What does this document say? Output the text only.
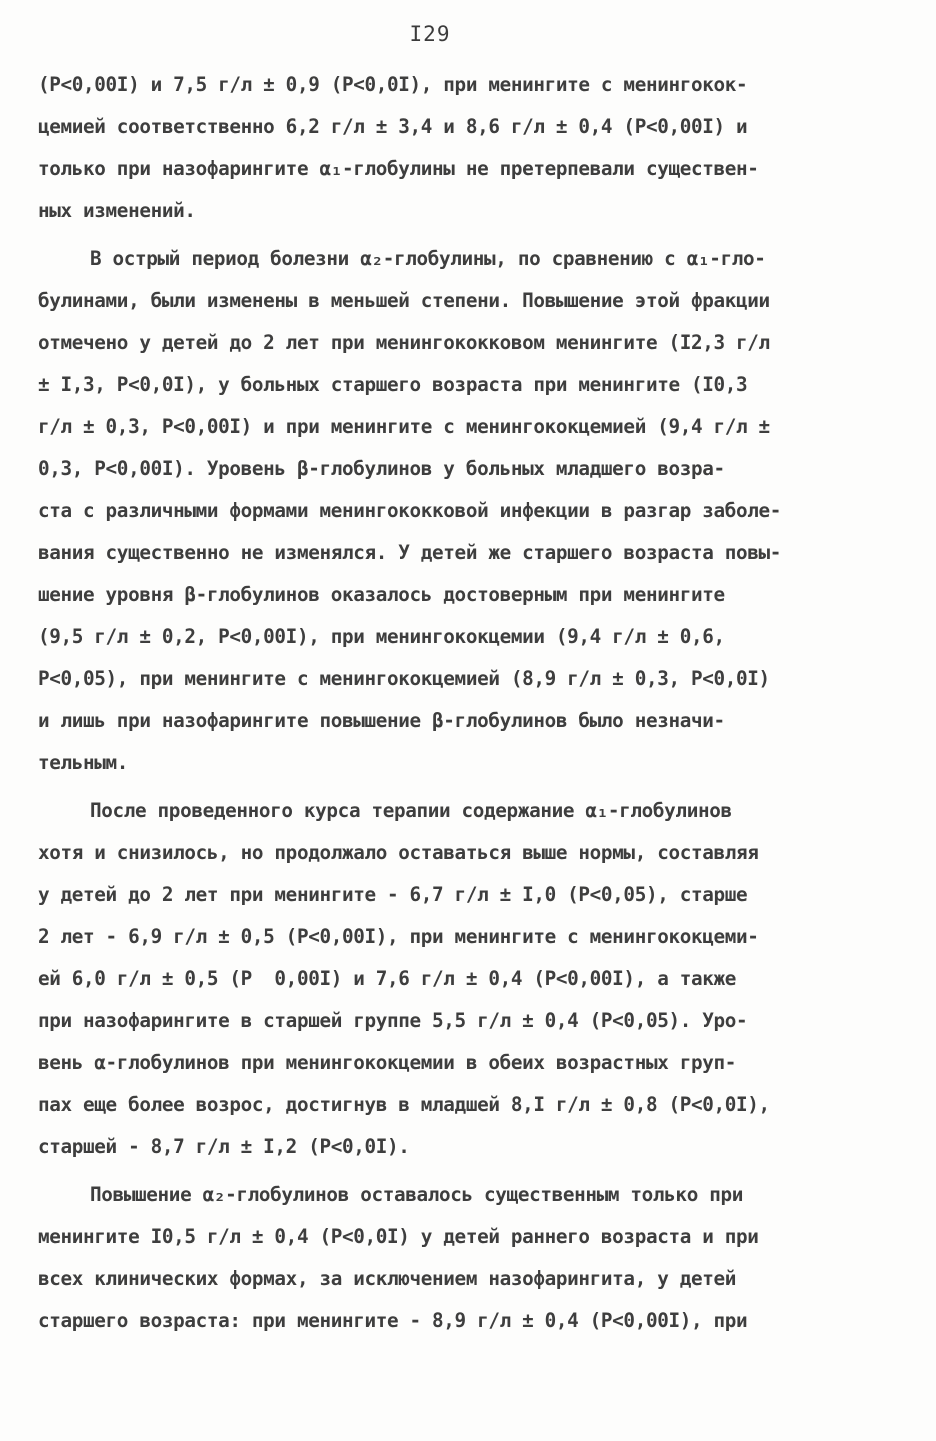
I29
(P<0,00I) и 7,5 г/л ± 0,9 (P<0,0I), при менингите с менингокок-
цемией соответственно 6,2 г/л ± 3,4 и 8,6 г/л ± 0,4 (P<0,00I) и
только при назофарингите α₁-глобулины не претерпевали существен-
ных изменений.
В острый период болезни α₂-глобулины, по сравнению с α₁-гло-
булинами, были изменены в меньшей степени. Повышение этой фракции
отмечено у детей до 2 лет при менингококковом менингите (I2,3 г/л
± I,3, P<0,0I), у больных старшего возраста при менингите (I0,3
г/л ± 0,3, P<0,00I) и при менингите с менингококцемией (9,4 г/л ±
0,3, P<0,00I). Уровень β-глобулинов у больных младшего возра-
ста с различными формами менингококковой инфекции в разгар заболе-
вания существенно не изменялся. У детей же старшего возраста повы-
шение уровня β-глобулинов оказалось достоверным при менингите
(9,5 г/л ± 0,2, P<0,00I), при менингококцемии (9,4 г/л ± 0,6,
P<0,05), при менингите с менингококцемией (8,9 г/л ± 0,3, P<0,0I)
и лишь при назофарингите повышение β-глобулинов было незначи-
тельным.
После проведенного курса терапии содержание α₁-глобулинов
хотя и снизилось, но продолжало оставаться выше нормы, составляя
у детей до 2 лет при менингите - 6,7 г/л ± I,0 (P<0,05), старше
2 лет - 6,9 г/л ± 0,5 (P<0,00I), при менингите с менингококцеми-
ей 6,0 г/л ± 0,5 (P  0,00I) и 7,6 г/л ± 0,4 (P<0,00I), а также
при назофарингите в старшей группе 5,5 г/л ± 0,4 (P<0,05). Уро-
вень α-глобулинов при менингококцемии в обеих возрастных груп-
пах еще более возрос, достигнув в младшей 8,I г/л ± 0,8 (P<0,0I),
старшей - 8,7 г/л ± I,2 (P<0,0I).
Повышение α₂-глобулинов оставалось существенным только при
менингите I0,5 г/л ± 0,4 (P<0,0I) у детей раннего возраста и при
всех клинических формах, за исключением назофарингита, у детей
старшего возраста: при менингите - 8,9 г/л ± 0,4 (P<0,00I), при
